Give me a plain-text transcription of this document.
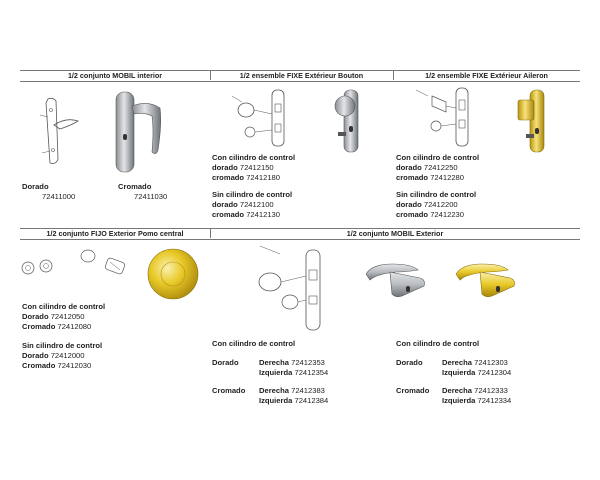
1/2 conjunto MOBIL interior	1/2 ensemble FIXE Extérieur Bouton	1/2 ensemble FIXE Extérieur Aileron
1/2 conjunto FIJO Exterior Pomo central	1/2 conjunto MOBIL Exterior
Dorado
72411000
Cromado
72411030
Con cilindro de control
dorado 72412150
cromado 72412180
Sin cilindro de control
dorado 72412100
cromado 72412130
Con cilindro de control
dorado 72412250
cromado 72412280
Sin cilindro de control
dorado 72412200
cromado 72412230
Con cilindro de control
Dorado 72412050
Cromado 72412080
Sin cilindro de control
Dorado 72412000
Cromado 72412030
Con cilindro de control
Dorado	Derecha 72412353
Izquierda 72412354
Cromado Derecha 72412383
Izquierda 72412384
Con cilindro de control
Dorado	Derecha 72412303
Izquierda 72412304
Cromado Derecha 72412333
Izquierda 72412334
